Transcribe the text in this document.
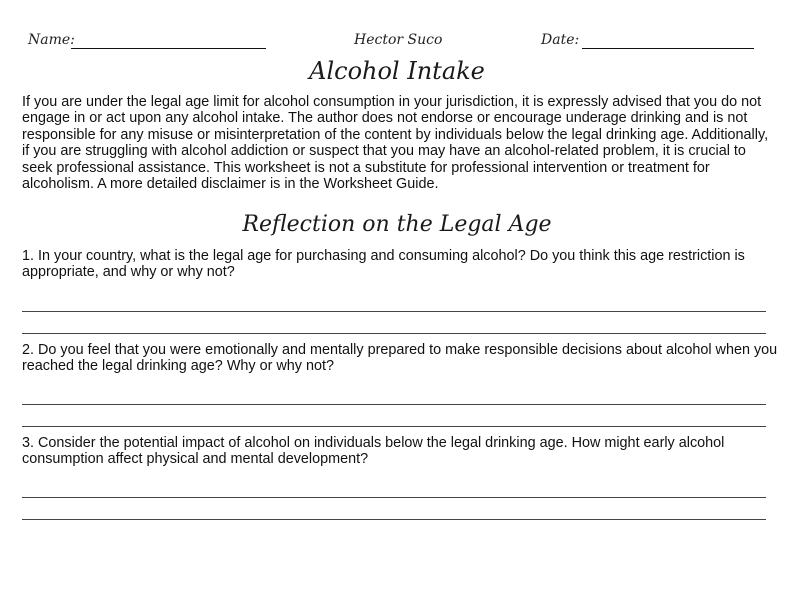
Name:	Hector Suco	Date:
Alcohol Intake

If you are under the legal age limit for alcohol consumption in your jurisdiction, it is expressly advised that you do not engage in or act upon any alcohol intake. The author does not endorse or encourage underage drinking and is not responsible for any misuse or misinterpretation of the content by individuals below the legal drinking age. Additionally, if you are struggling with alcohol addiction or suspect that you may have an alcohol-related problem, it is crucial to seek professional assistance. This worksheet is not a substitute for professional intervention or treatment for alcoholism. A more detailed disclaimer is in the Worksheet Guide.

Reflection on the Legal Age

1. In your country, what is the legal age for purchasing and consuming alcohol? Do you think this age restriction is appropriate, and why or why not?

2. Do you feel that you were emotionally and mentally prepared to make responsible decisions about alcohol when you reached the legal drinking age? Why or why not?

3. Consider the potential impact of alcohol on individuals below the legal drinking age. How might early alcohol consumption affect physical and mental development?
